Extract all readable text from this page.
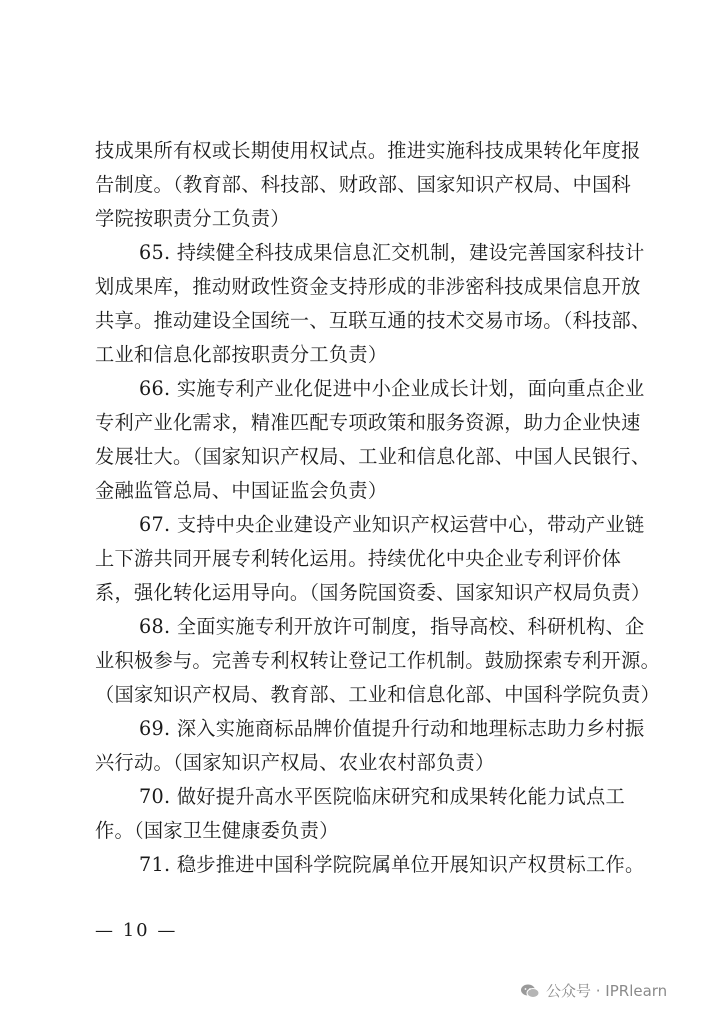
技成果所有权或长期使用权试点。推进实施科技成果转化年度报
告制度。（教育部、科技部、财政部、国家知识产权局、中国科
学院按职责分工负责）

65. 持续健全科技成果信息汇交机制，建设完善国家科技计
划成果库，推动财政性资金支持形成的非涉密科技成果信息开放
共享。推动建设全国统一、互联互通的技术交易市场。（科技部、
工业和信息化部按职责分工负责）

66. 实施专利产业化促进中小企业成长计划，面向重点企业
专利产业化需求，精准匹配专项政策和服务资源，助力企业快速
发展壮大。（国家知识产权局、工业和信息化部、中国人民银行、
金融监管总局、中国证监会负责）

67. 支持中央企业建设产业知识产权运营中心，带动产业链
上下游共同开展专利转化运用。持续优化中央企业专利评价体
系，强化转化运用导向。（国务院国资委、国家知识产权局负责）

68. 全面实施专利开放许可制度，指导高校、科研机构、企
业积极参与。完善专利权转让登记工作机制。鼓励探索专利开源。
（国家知识产权局、教育部、工业和信息化部、中国科学院负责）

69. 深入实施商标品牌价值提升行动和地理标志助力乡村振
兴行动。（国家知识产权局、农业农村部负责）

70. 做好提升高水平医院临床研究和成果转化能力试点工
作。（国家卫生健康委负责）

71. 稳步推进中国科学院院属单位开展知识产权贯标工作。

— 10 —
公众号 · IPRlearn
